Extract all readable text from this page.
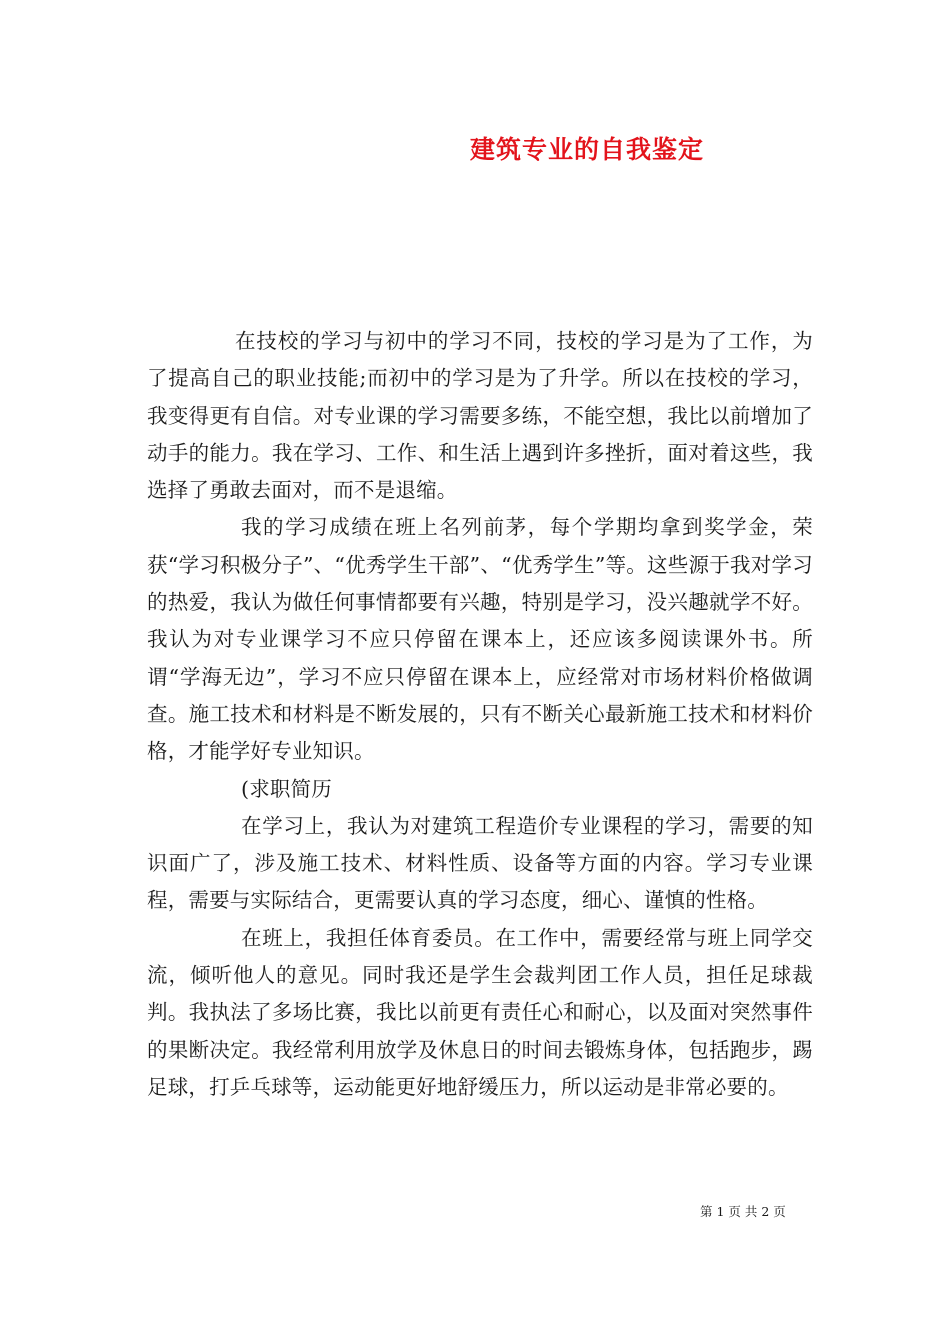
建筑专业的自我鉴定

在技校的学习与初中的学习不同，技校的学习是为了工作，为了提高自己的职业技能;而初中的学习是为了升学。所以在技校的学习，我变得更有自信。对专业课的学习需要多练，不能空想，我比以前增加了动手的能力。我在学习、工作、和生活上遇到许多挫折，面对着这些，我选择了勇敢去面对，而不是退缩。

我的学习成绩在班上名列前茅，每个学期均拿到奖学金，荣获“学习积极分子”、“优秀学生干部”、“优秀学生”等。这些源于我对学习的热爱，我认为做任何事情都要有兴趣，特别是学习，没兴趣就学不好。我认为对专业课学习不应只停留在课本上，还应该多阅读课外书。所谓“学海无边”，学习不应只停留在课本上，应经常对市场材料价格做调查。施工技术和材料是不断发展的，只有不断关心最新施工技术和材料价格，才能学好专业知识。

(求职简历

在学习上，我认为对建筑工程造价专业课程的学习，需要的知识面广了，涉及施工技术、材料性质、设备等方面的内容。学习专业课程，需要与实际结合，更需要认真的学习态度，细心、谨慎的性格。

在班上，我担任体育委员。在工作中，需要经常与班上同学交流，倾听他人的意见。同时我还是学生会裁判团工作人员，担任足球裁判。我执法了多场比赛，我比以前更有责任心和耐心，以及面对突然事件的果断决定。我经常利用放学及休息日的时间去锻炼身体，包括跑步，踢足球，打乒乓球等，运动能更好地舒缓压力，所以运动是非常必要的。

第 1 页 共 2 页
